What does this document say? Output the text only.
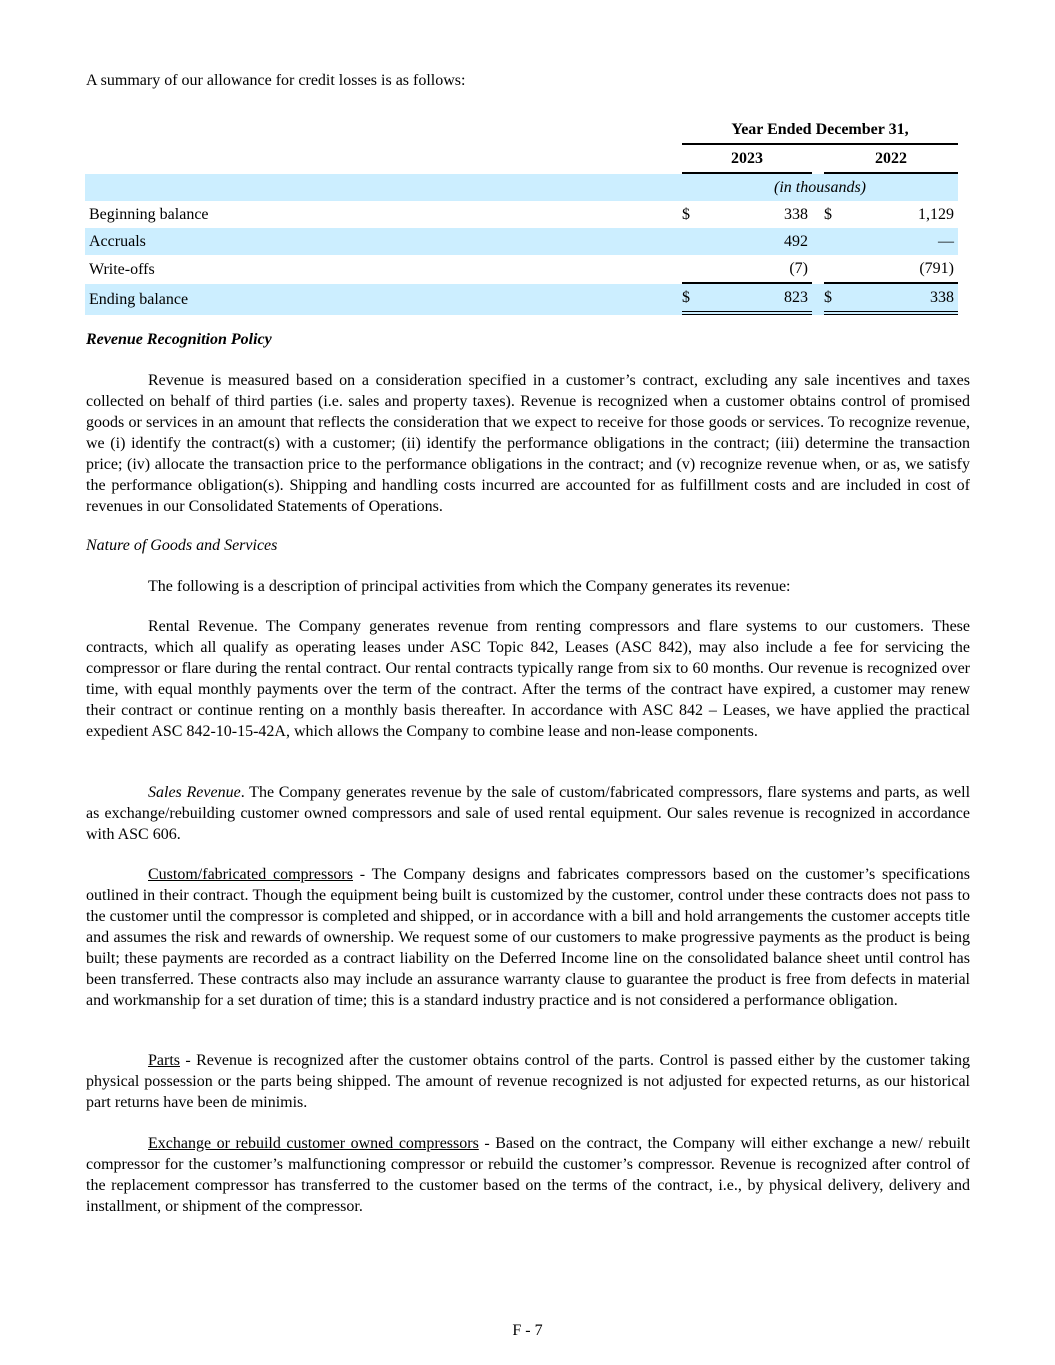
A summary of our allowance for credit losses is as follows:
	Year Ended December 31,				
	2023			2022	
	(in thousands)				
Beginning balance	$	338		$	1,129
Accruals		492			—
Write-offs		(7)			(791)
Ending balance	$	823		$	338
Revenue Recognition Policy
Revenue is measured based on a consideration specified in a customer’s contract, excluding any sale incentives and taxes collected on behalf of third parties (i.e. sales and property taxes). Revenue is recognized when a customer obtains control of promised goods or services in an amount that reflects the consideration that we expect to receive for those goods or services. To recognize revenue, we (i) identify the contract(s) with a customer; (ii) identify the performance obligations in the contract; (iii) determine the transaction price; (iv) allocate the transaction price to the performance obligations in the contract; and (v) recognize revenue when, or as, we satisfy the performance obligation(s). Shipping and handling costs incurred are accounted for as fulfillment costs and are included in cost of revenues in our Consolidated Statements of Operations.
Nature of Goods and Services
The following is a description of principal activities from which the Company generates its revenue:
Rental Revenue. The Company generates revenue from renting compressors and flare systems to our customers. These contracts, which all qualify as operating leases under ASC Topic 842, Leases (ASC 842), may also include a fee for servicing the compressor or flare during the rental contract. Our rental contracts typically range from six to 60 months. Our revenue is recognized over time, with equal monthly payments over the term of the contract. After the terms of the contract have expired, a customer may renew their contract or continue renting on a monthly basis thereafter. In accordance with ASC 842 – Leases, we have applied the practical expedient ASC 842-10-15-42A, which allows the Company to combine lease and non-lease components.
Sales Revenue. The Company generates revenue by the sale of custom/fabricated compressors, flare systems and parts, as well as exchange/rebuilding customer owned compressors and sale of used rental equipment. Our sales revenue is recognized in accordance with ASC 606.
Custom/fabricated compressors - The Company designs and fabricates compressors based on the customer’s specifications outlined in their contract. Though the equipment being built is customized by the customer, control under these contracts does not pass to the customer until the compressor is completed and shipped, or in accordance with a bill and hold arrangements the customer accepts title and assumes the risk and rewards of ownership. We request some of our customers to make progressive payments as the product is being built; these payments are recorded as a contract liability on the Deferred Income line on the consolidated balance sheet until control has been transferred. These contracts also may include an assurance warranty clause to guarantee the product is free from defects in material and workmanship for a set duration of time; this is a standard industry practice and is not considered a performance obligation.
Parts - Revenue is recognized after the customer obtains control of the parts. Control is passed either by the customer taking physical possession or the parts being shipped. The amount of revenue recognized is not adjusted for expected returns, as our historical part returns have been de minimis.
Exchange or rebuild customer owned compressors - Based on the contract, the Company will either exchange a new/ rebuilt compressor for the customer’s malfunctioning compressor or rebuild the customer’s compressor. Revenue is recognized after control of the replacement compressor has transferred to the customer based on the terms of the contract, i.e., by physical delivery, delivery and installment, or shipment of the compressor.
F - 7
